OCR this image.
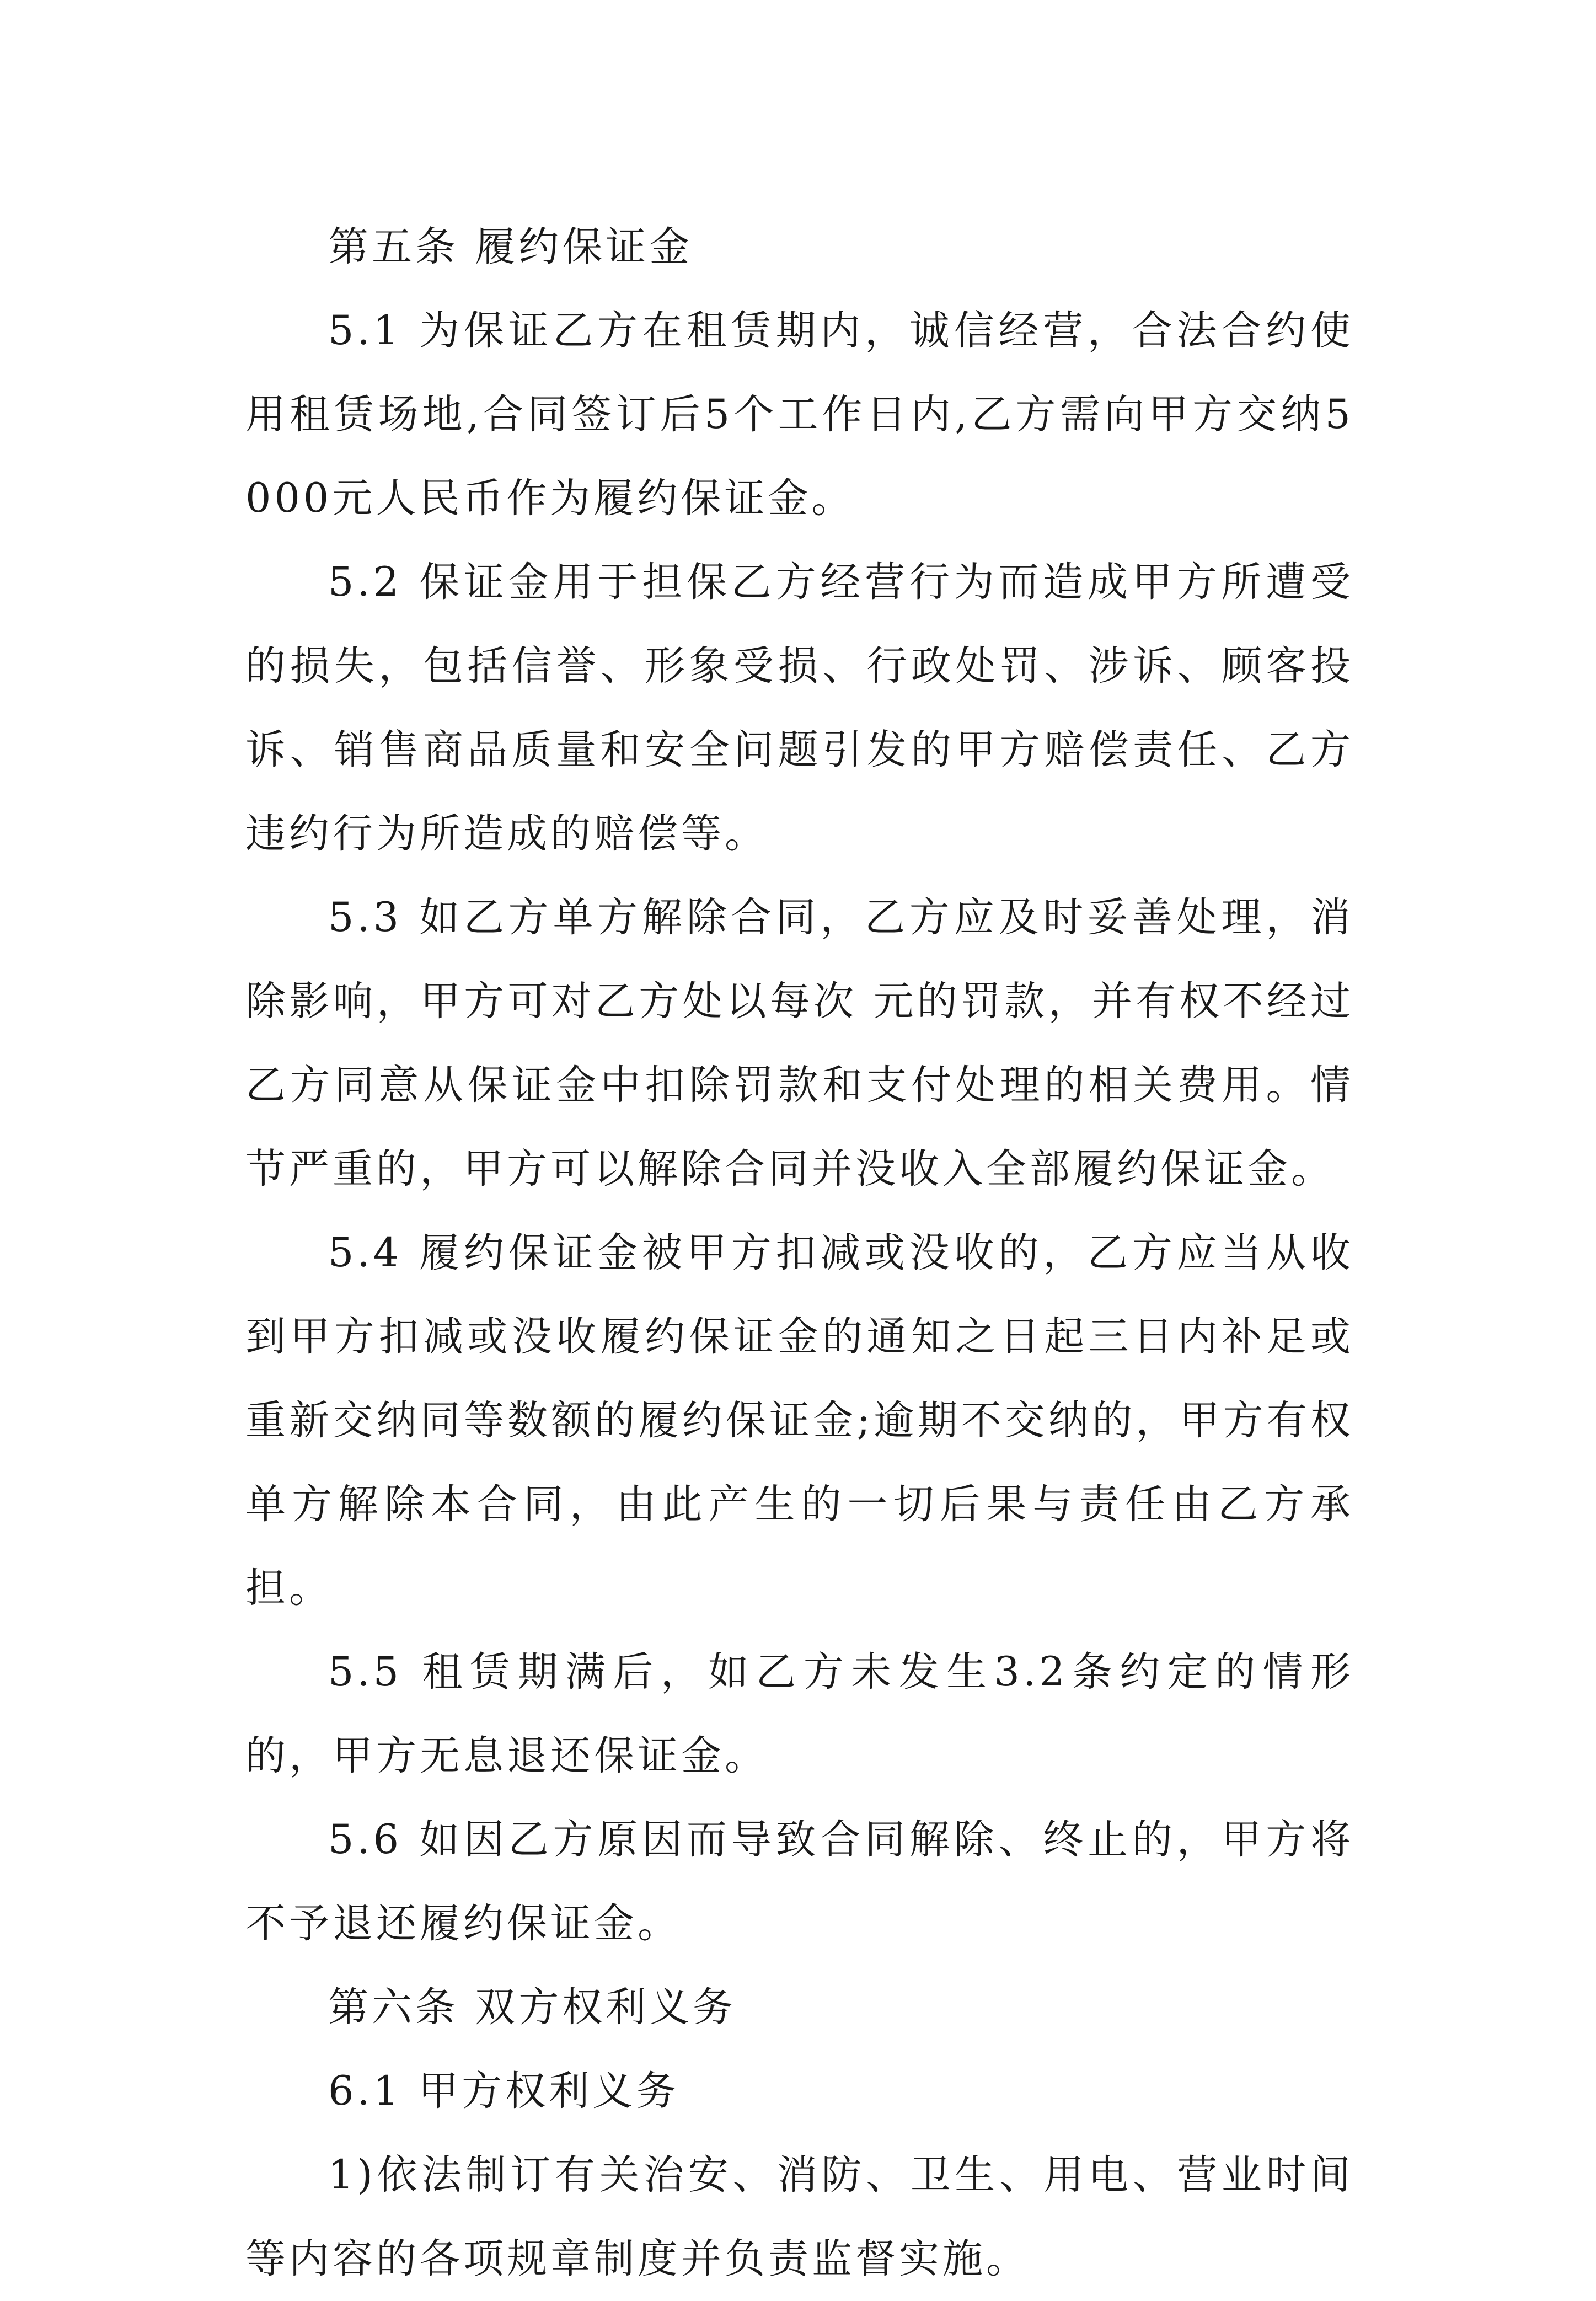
第五条 履约保证金

5.1 为保证乙方在租赁期内，诚信经营，合法合约使用租赁场地,合同签订后5个工作日内,乙方需向甲方交纳5000元人民币作为履约保证金。

5.2 保证金用于担保乙方经营行为而造成甲方所遭受的损失，包括信誉、形象受损、行政处罚、涉诉、顾客投诉、销售商品质量和安全问题引发的甲方赔偿责任、乙方违约行为所造成的赔偿等。

5.3 如乙方单方解除合同，乙方应及时妥善处理，消除影响，甲方可对乙方处以每次 元的罚款，并有权不经过乙方同意从保证金中扣除罚款和支付处理的相关费用。情节严重的，甲方可以解除合同并没收入全部履约保证金。

5.4 履约保证金被甲方扣减或没收的，乙方应当从收到甲方扣减或没收履约保证金的通知之日起三日内补足或重新交纳同等数额的履约保证金;逾期不交纳的，甲方有权单方解除本合同，由此产生的一切后果与责任由乙方承担。

5.5 租赁期满后，如乙方未发生3.2条约定的情形的，甲方无息退还保证金。

5.6 如因乙方原因而导致合同解除、终止的，甲方将不予退还履约保证金。

第六条 双方权利义务

6.1 甲方权利义务

1)依法制订有关治安、消防、卫生、用电、营业时间等内容的各项规章制度并负责监督实施。
